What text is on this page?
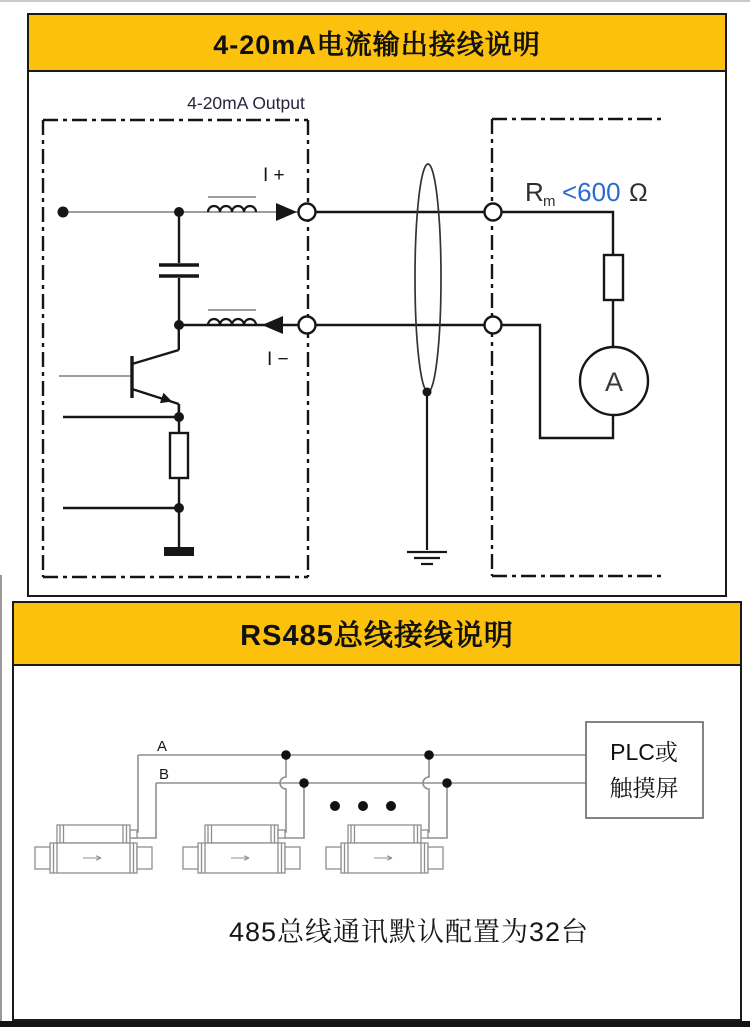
4-20mA电流输出接线说明
A
4-20mA Output
I +
I −
R m <600 Ω
RS485总线接线说明
A
B
PLC或
触摸屏
485总线通讯默认配置为32台
